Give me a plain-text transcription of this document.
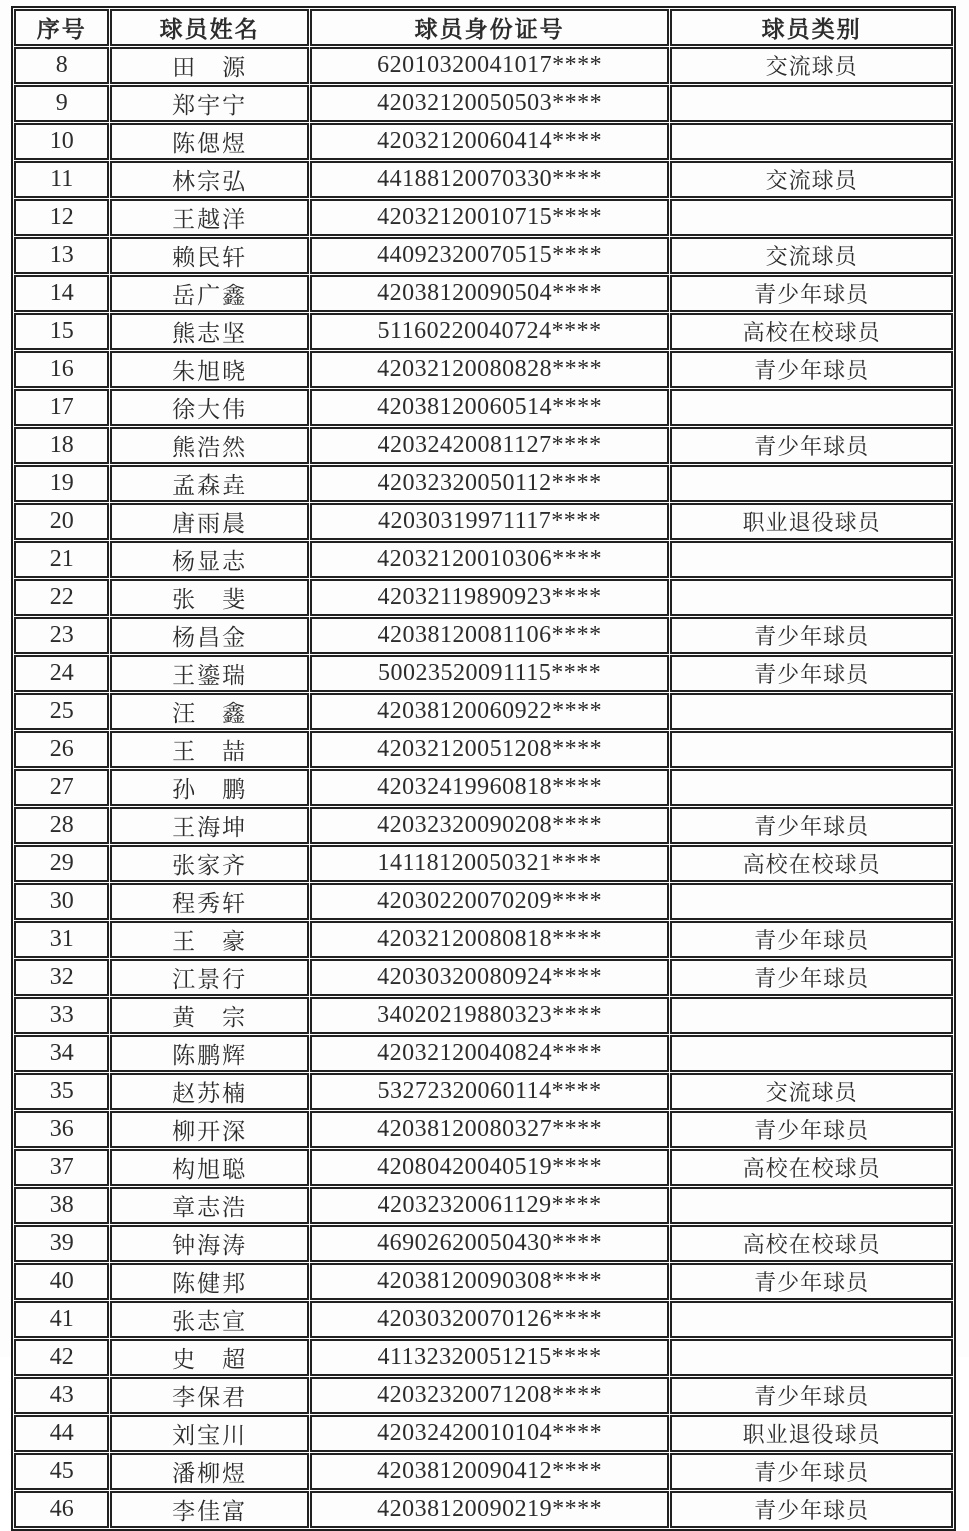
序号	球员姓名	球员身份证号	球员类别
8	田　源	62010320041017****	交流球员
9	郑宇宁	42032120050503****	
10	陈偲煜	42032120060414****	
11	林宗弘	44188120070330****	交流球员
12	王越洋	42032120010715****	
13	赖民轩	44092320070515****	交流球员
14	岳广鑫	42038120090504****	青少年球员
15	熊志坚	51160220040724****	高校在校球员
16	朱旭晓	42032120080828****	青少年球员
17	徐大伟	42038120060514****	
18	熊浩然	42032420081127****	青少年球员
19	孟森垚	42032320050112****	
20	唐雨晨	42030319971117****	职业退役球员
21	杨显志	42032120010306****	
22	张　斐	42032119890923****	
23	杨昌金	42038120081106****	青少年球员
24	王鎏瑞	50023520091115****	青少年球员
25	汪　鑫	42038120060922****	
26	王　喆	42032120051208****	
27	孙　鹏	42032419960818****	
28	王海坤	42032320090208****	青少年球员
29	张家齐	14118120050321****	高校在校球员
30	程秀轩	42030220070209****	
31	王　豪	42032120080818****	青少年球员
32	江景行	42030320080924****	青少年球员
33	黄　宗	34020219880323****	
34	陈鹏辉	42032120040824****	
35	赵苏楠	53272320060114****	交流球员
36	柳开深	42038120080327****	青少年球员
37	构旭聪	42080420040519****	高校在校球员
38	章志浩	42032320061129****	
39	钟海涛	46902620050430****	高校在校球员
40	陈健邦	42038120090308****	青少年球员
41	张志宣	42030320070126****	
42	史　超	41132320051215****	
43	李保君	42032320071208****	青少年球员
44	刘宝川	42032420010104****	职业退役球员
45	潘柳煜	42038120090412****	青少年球员
46	李佳富	42038120090219****	青少年球员
